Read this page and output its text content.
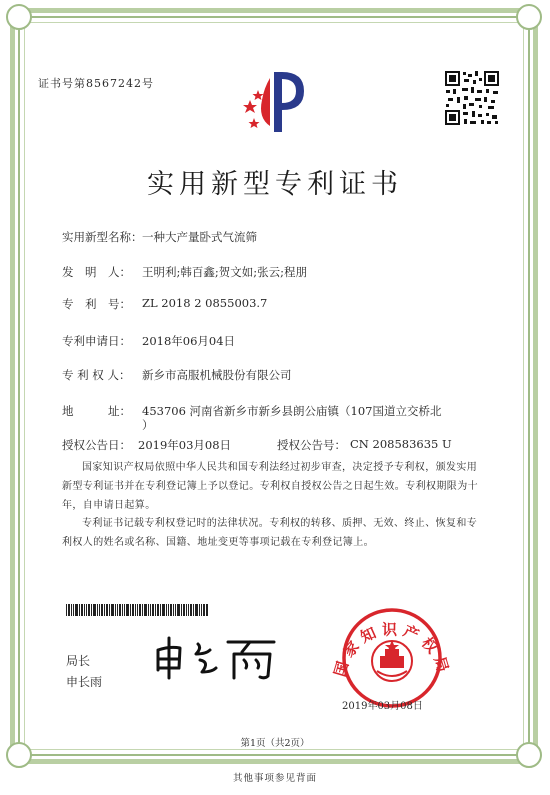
证书号第8567242号
实用新型专利证书
实用新型名称： 一种大产量卧式气流筛
发　明　人： 王明利;韩百鑫;贺文如;张云;程朋
专　利　号： ZL 2018 2 0855003.7
专利申请日： 2018年06月04日
专 利 权 人： 新乡市高服机械股份有限公司
地　　　址： 453706 河南省新乡市新乡县朗公庙镇（107国道立交桥北
）
授权公告日： 2019年03月08日	授权公告号： CN 208583635 U
国家知识产权局依照中华人民共和国专利法经过初步审查，决定授予专利权，颁发实用
新型专利证书并在专利登记簿上予以登记。专利权自授权公告之日起生效。专利权期限为十
年，自申请日起算。
专利证书记载专利权登记时的法律状况。专利权的转移、质押、无效、终止、恢复和专
利权人的姓名或名称、国籍、地址变更等事项记载在专利登记簿上。
局长
申长雨
国家知识产权局
2019年03月08日
第1页（共2页）
其他事项参见背面
